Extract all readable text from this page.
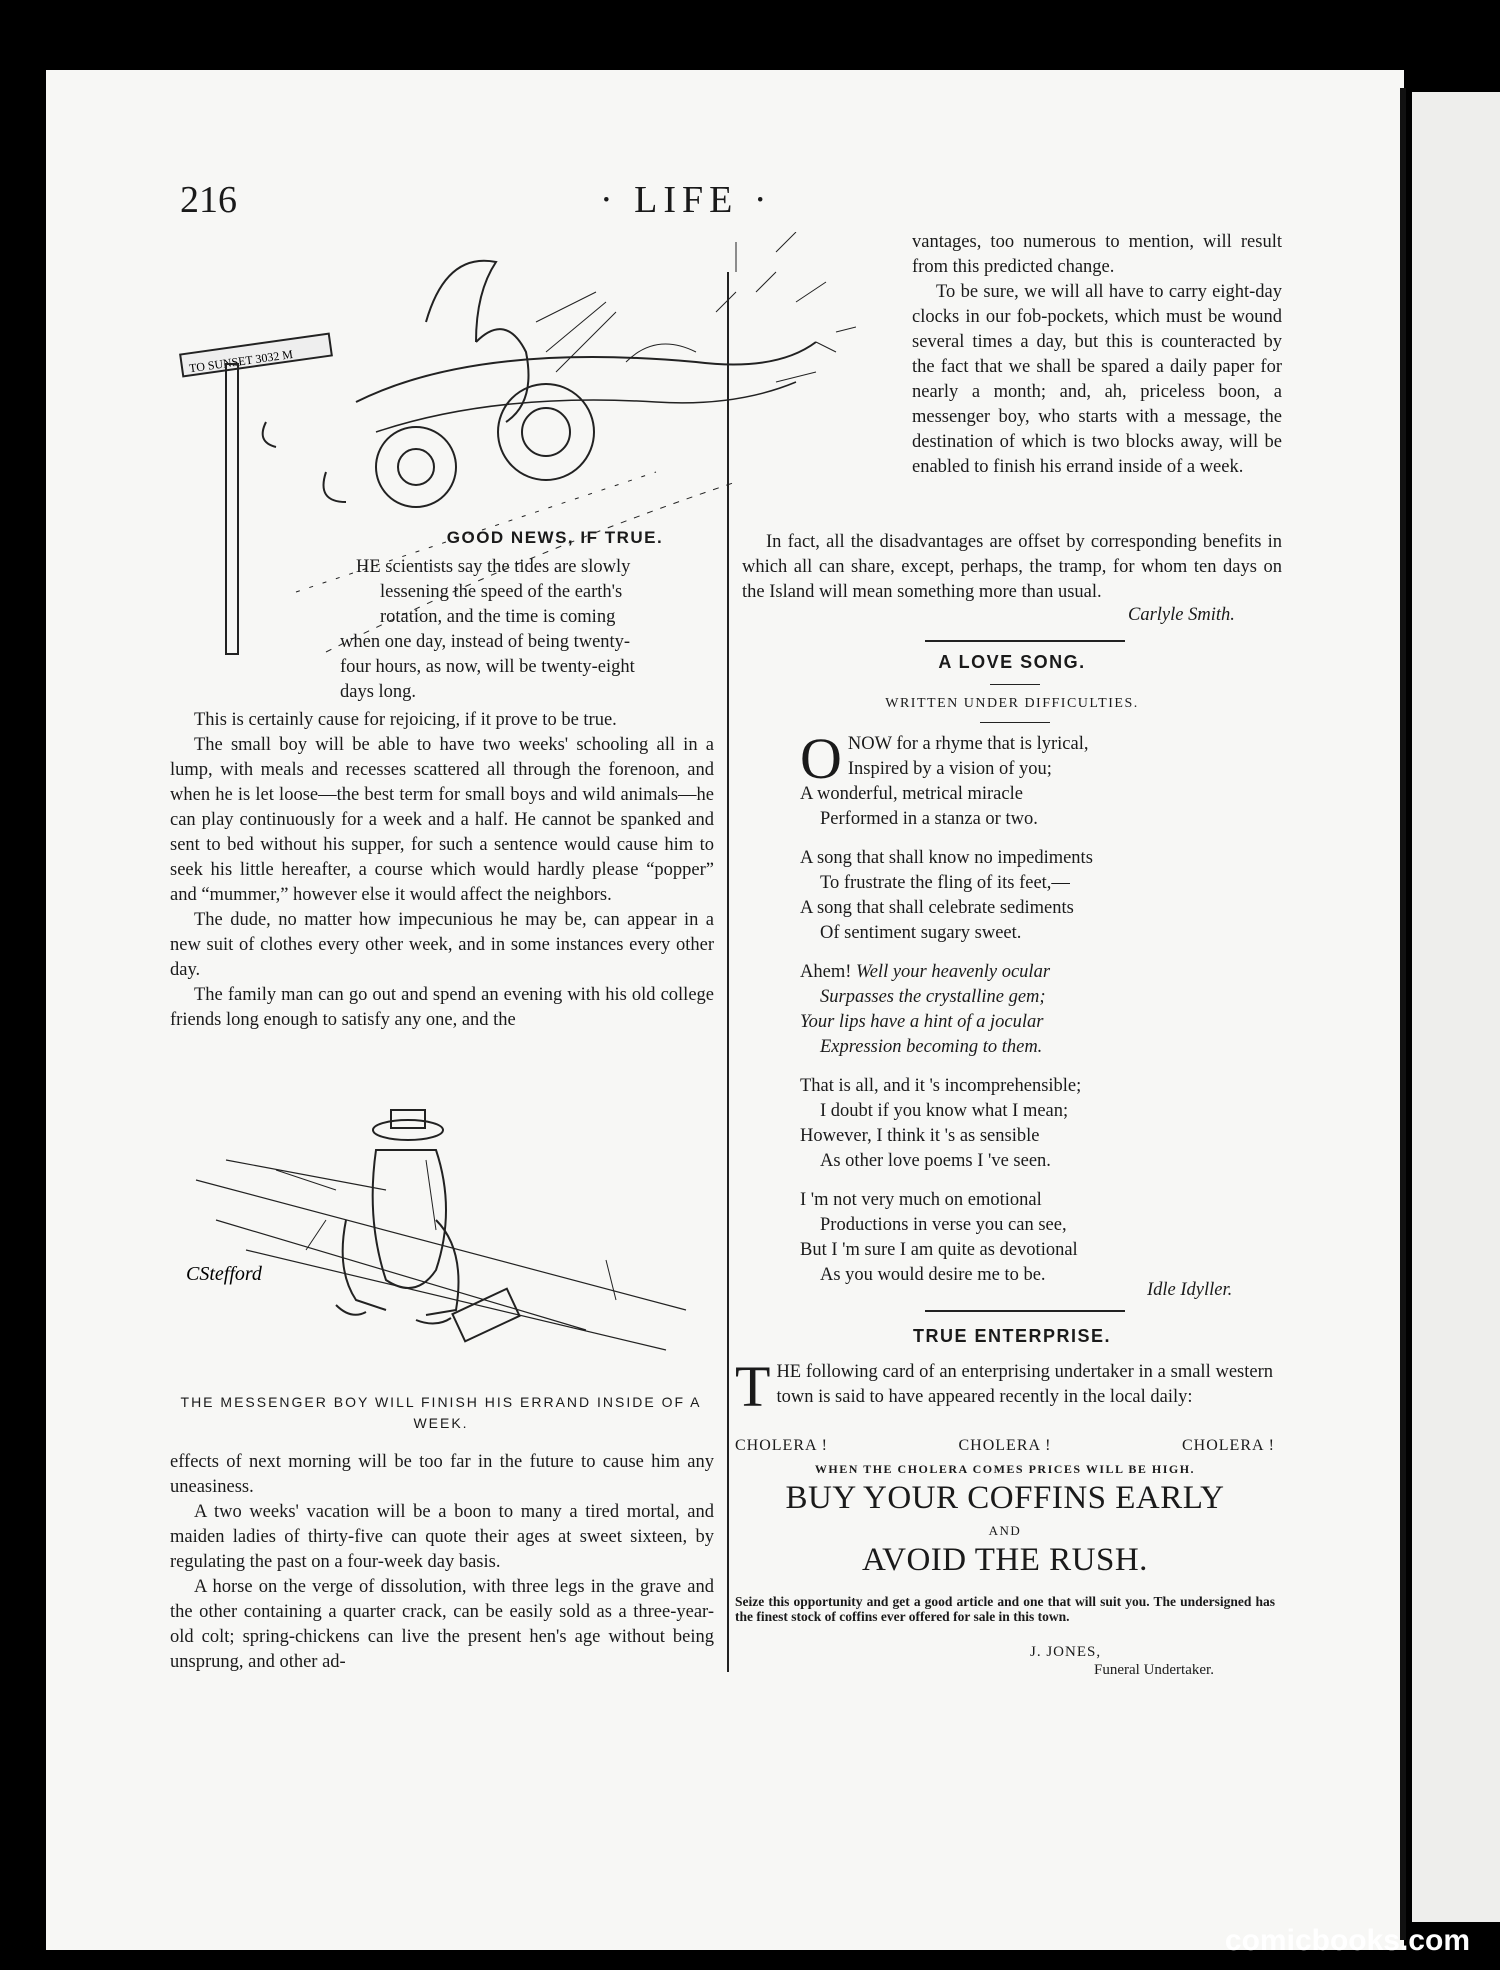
216	· LIFE ·
TO SUNSET 3032 M
GOOD NEWS, IF TRUE.
HE scientists say the tides are slowly
lessening the speed of the earth's
rotation, and the time is coming
when one day, instead of being twenty-
four hours, as now, will be twenty-eight
days long.

This is certainly cause for rejoicing, if it prove to be true.

The small boy will be able to have two weeks' schooling all in a lump, with meals and recesses scattered all through the forenoon, and when he is let loose—the best term for small boys and wild animals—he can play continuously for a week and a half. He cannot be spanked and sent to bed without his supper, for such a sentence would cause him to seek his little hereafter, a course which would hardly please “popper” and “mummer,” however else it would affect the neighbors.

The dude, no matter how impecunious he may be, can appear in a new suit of clothes every other week, and in some instances every other day.

The family man can go out and spend an evening with his old college friends long enough to satisfy any one, and the

CStefford
THE MESSENGER BOY WILL FINISH HIS ERRAND INSIDE OF A WEEK.

effects of next morning will be too far in the future to cause him any uneasiness.

A two weeks' vacation will be a boon to many a tired mortal, and maiden ladies of thirty-five can quote their ages at sweet sixteen, by regulating the past on a four-week day basis.

A horse on the verge of dissolution, with three legs in the grave and the other containing a quarter crack, can be easily sold as a three-year-old colt; spring-chickens can live the present hen's age without being unsprung, and other ad-

vantages, too numerous to mention, will result from this predicted change.

To be sure, we will all have to carry eight-day clocks in our fob-pockets, which must be wound several times a day, but this is counteracted by the fact that we shall be spared a daily paper for nearly a month; and, ah, priceless boon, a messenger boy, who starts with a message, the destination of which is two blocks away, will be enabled to finish his errand inside of a week.

In fact, all the disadvantages are offset by corresponding benefits in which all can share, except, perhaps, the tramp, for whom ten days on the Island will mean something more than usual.

Carlyle Smith.
A LOVE SONG.
WRITTEN UNDER DIFFICULTIES.
O NOW for a rhyme that is lyrical,
Inspired by a vision of you;
A wonderful, metrical miracle
Performed in a stanza or two.
A song that shall know no impediments
To frustrate the fling of its feet,—
A song that shall celebrate sediments
Of sentiment sugary sweet.
Ahem! Well your heavenly ocular
Surpasses the crystalline gem;
Your lips have a hint of a jocular
Expression becoming to them.
That is all, and it 's incomprehensible;
I doubt if you know what I mean;
However, I think it 's as sensible
As other love poems I 've seen.
I 'm not very much on emotional
Productions in verse you can see,
But I 'm sure I am quite as devotional
As you would desire me to be.
Idle Idyller.
TRUE ENTERPRISE.
T HE following card of an enterprising undertaker in a small western town is said to have appeared recently in the local daily:
CHOLERA !	CHOLERA !	CHOLERA !
WHEN THE CHOLERA COMES PRICES WILL BE HIGH.
BUY YOUR COFFINS EARLY
AND
AVOID THE RUSH.
Seize this opportunity and get a good article and one that will suit you. The undersigned has the finest stock of coffins ever offered for sale in this town.
J. JONES,
Funeral Undertaker.
comicbooks.com
